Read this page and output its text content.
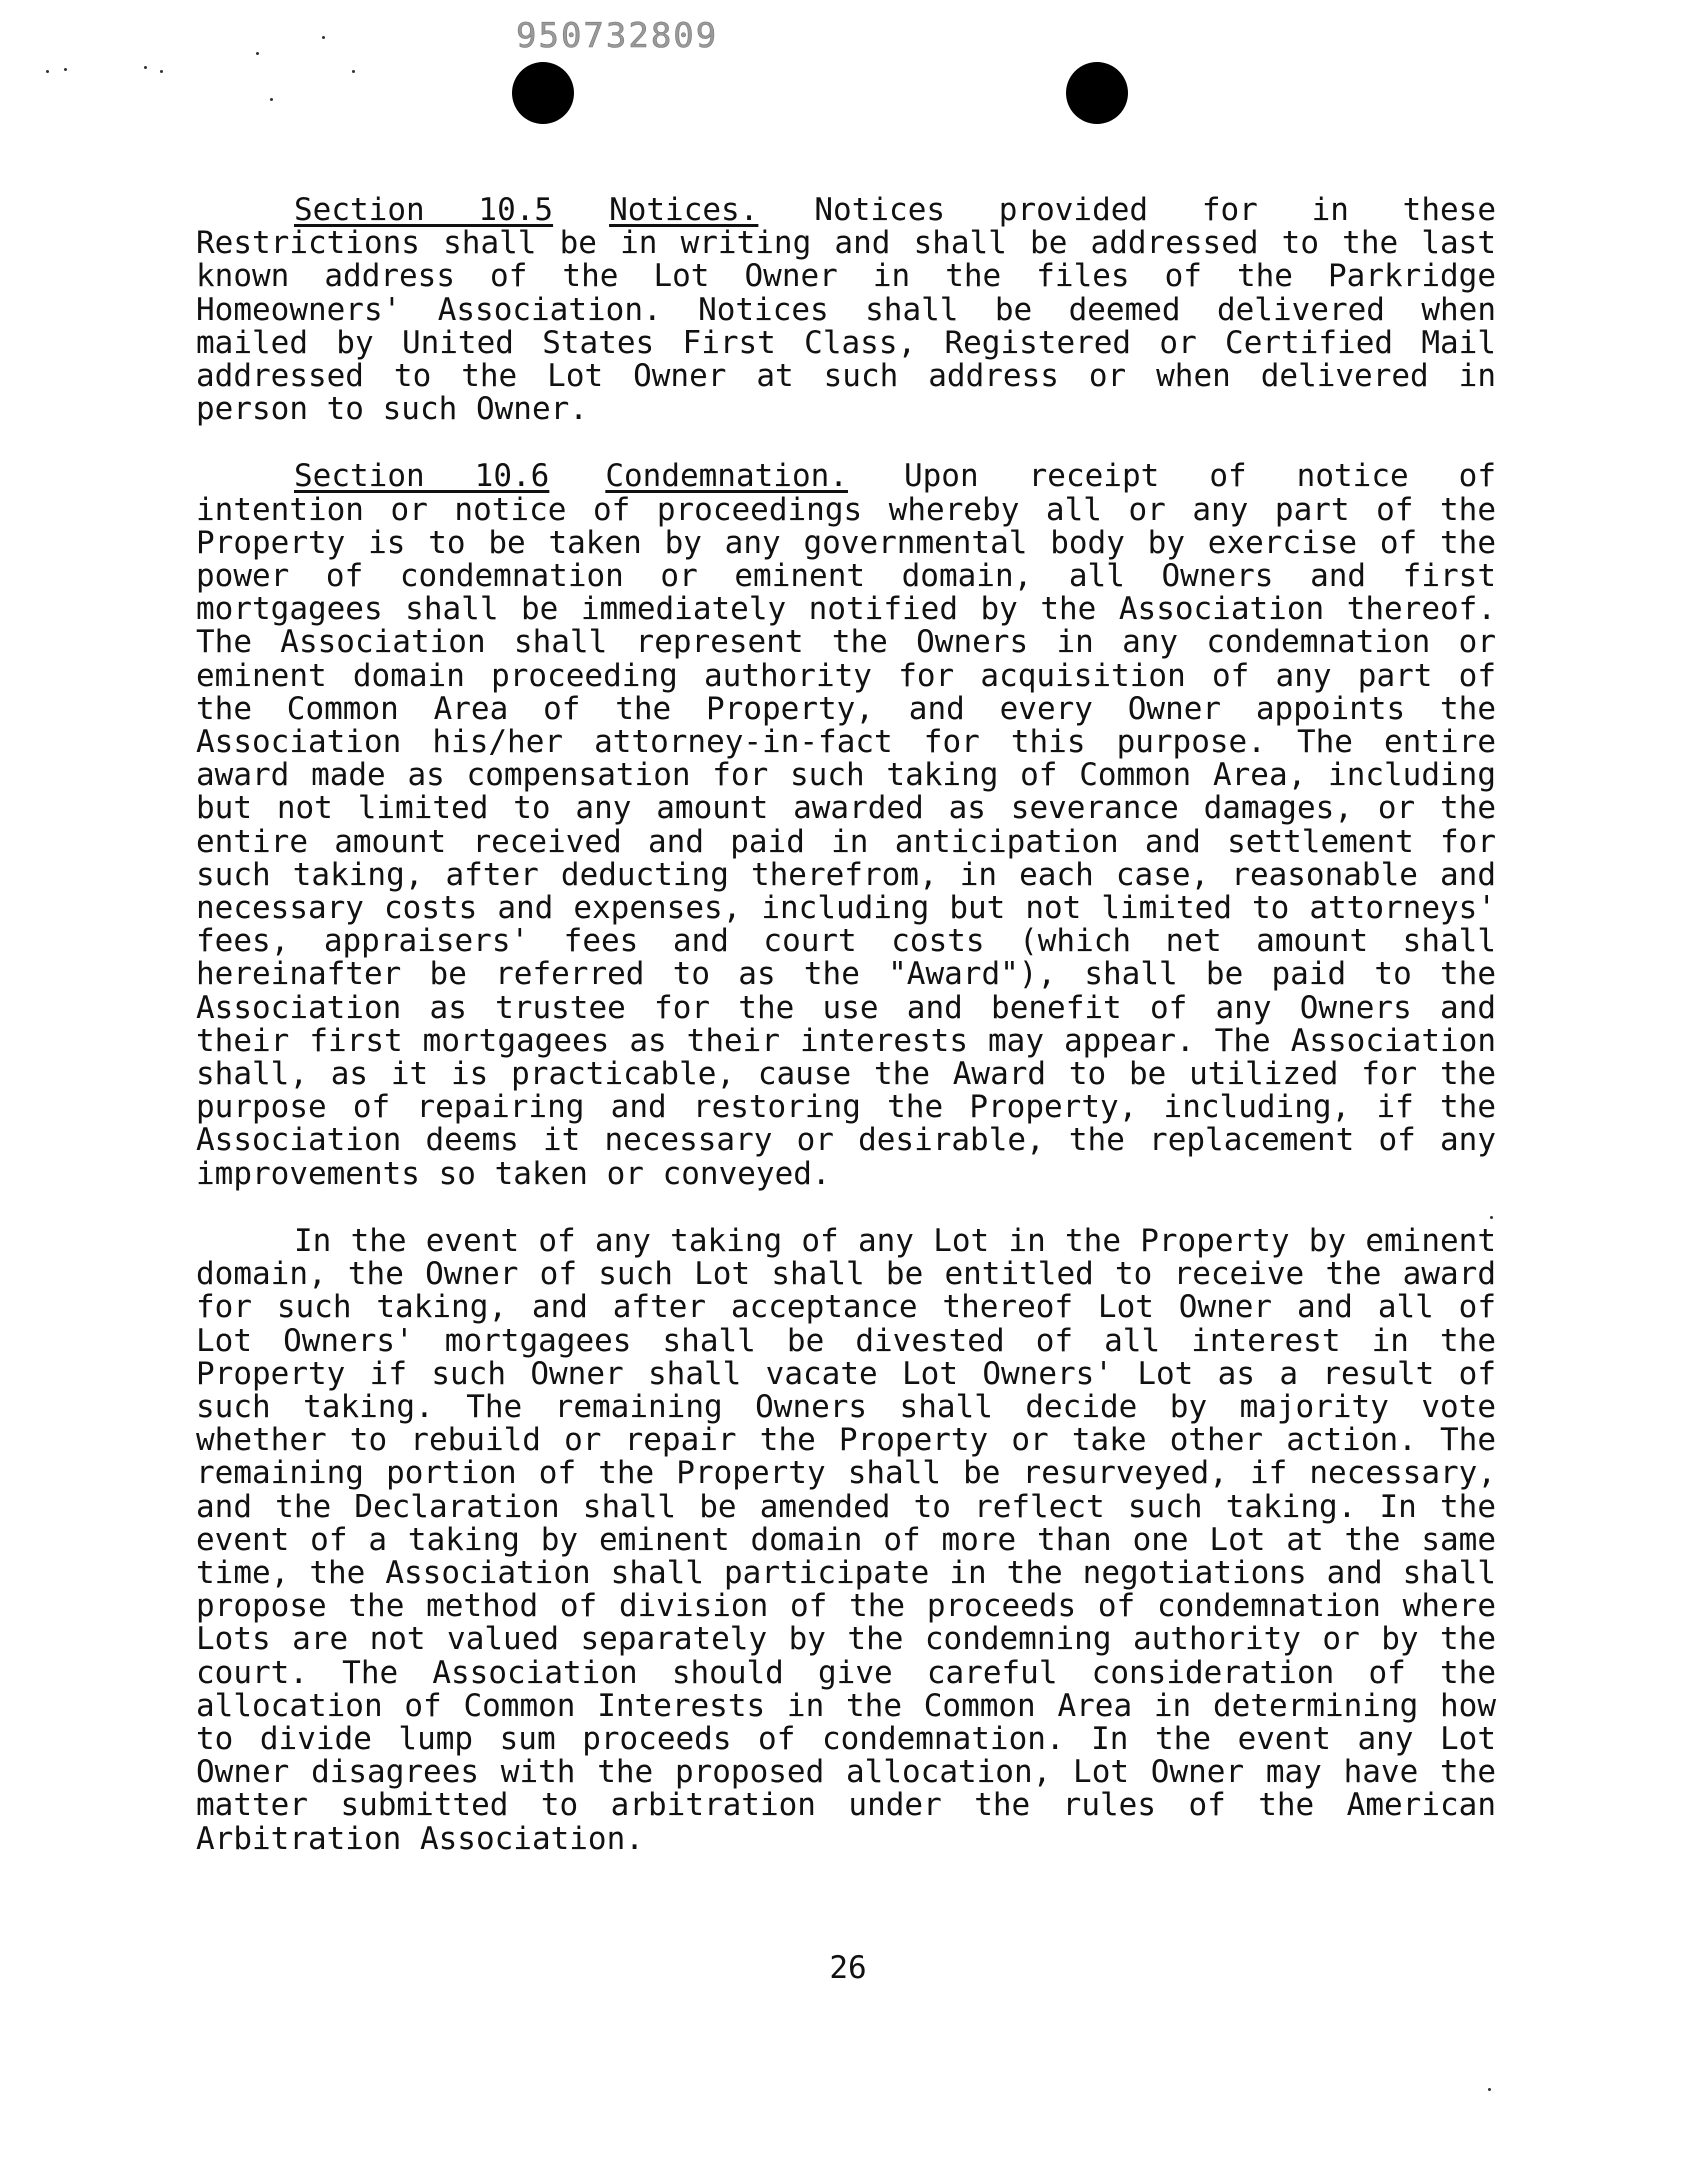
950732809

Section 10.5 Notices. Notices provided for in these Restrictions shall be in writing and shall be addressed to the last known address of the Lot Owner in the files of the Parkridge Homeowners' Association. Notices shall be deemed delivered when mailed by United States First Class, Registered or Certified Mail addressed to the Lot Owner at such address or when delivered in person to such Owner.

Section 10.6 Condemnation. Upon receipt of notice of intention or notice of proceedings whereby all or any part of the Property is to be taken by any governmental body by exercise of the power of condemnation or eminent domain, all Owners and first mortgagees shall be immediately notified by the Association thereof. The Association shall represent the Owners in any condemnation or eminent domain proceeding authority for acquisition of any part of the Common Area of the Property, and every Owner appoints the Association his/her attorney-in-fact for this purpose. The entire award made as compensation for such taking of Common Area, including but not limited to any amount awarded as severance damages, or the entire amount received and paid in anticipation and settlement for such taking, after deducting therefrom, in each case, reasonable and necessary costs and expenses, including but not limited to attorneys' fees, appraisers' fees and court costs (which net amount shall hereinafter be referred to as the "Award"), shall be paid to the Association as trustee for the use and benefit of any Owners and their first mortgagees as their interests may appear. The Association shall, as it is practicable, cause the Award to be utilized for the purpose of repairing and restoring the Property, including, if the Association deems it necessary or desirable, the replacement of any improvements so taken or conveyed.

In the event of any taking of any Lot in the Property by eminent domain, the Owner of such Lot shall be entitled to receive the award for such taking, and after acceptance thereof Lot Owner and all of Lot Owners' mortgagees shall be divested of all interest in the Property if such Owner shall vacate Lot Owners' Lot as a result of such taking. The remaining Owners shall decide by majority vote whether to rebuild or repair the Property or take other action. The remaining portion of the Property shall be resurveyed, if necessary, and the Declaration shall be amended to reflect such taking. In the event of a taking by eminent domain of more than one Lot at the same time, the Association shall participate in the negotiations and shall propose the method of division of the proceeds of condemnation where Lots are not valued separately by the condemning authority or by the court. The Association should give careful consideration of the allocation of Common Interests in the Common Area in determining how to divide lump sum proceeds of condemnation. In the event any Lot Owner disagrees with the proposed allocation, Lot Owner may have the matter submitted to arbitration under the rules of the American Arbitration Association.

26
